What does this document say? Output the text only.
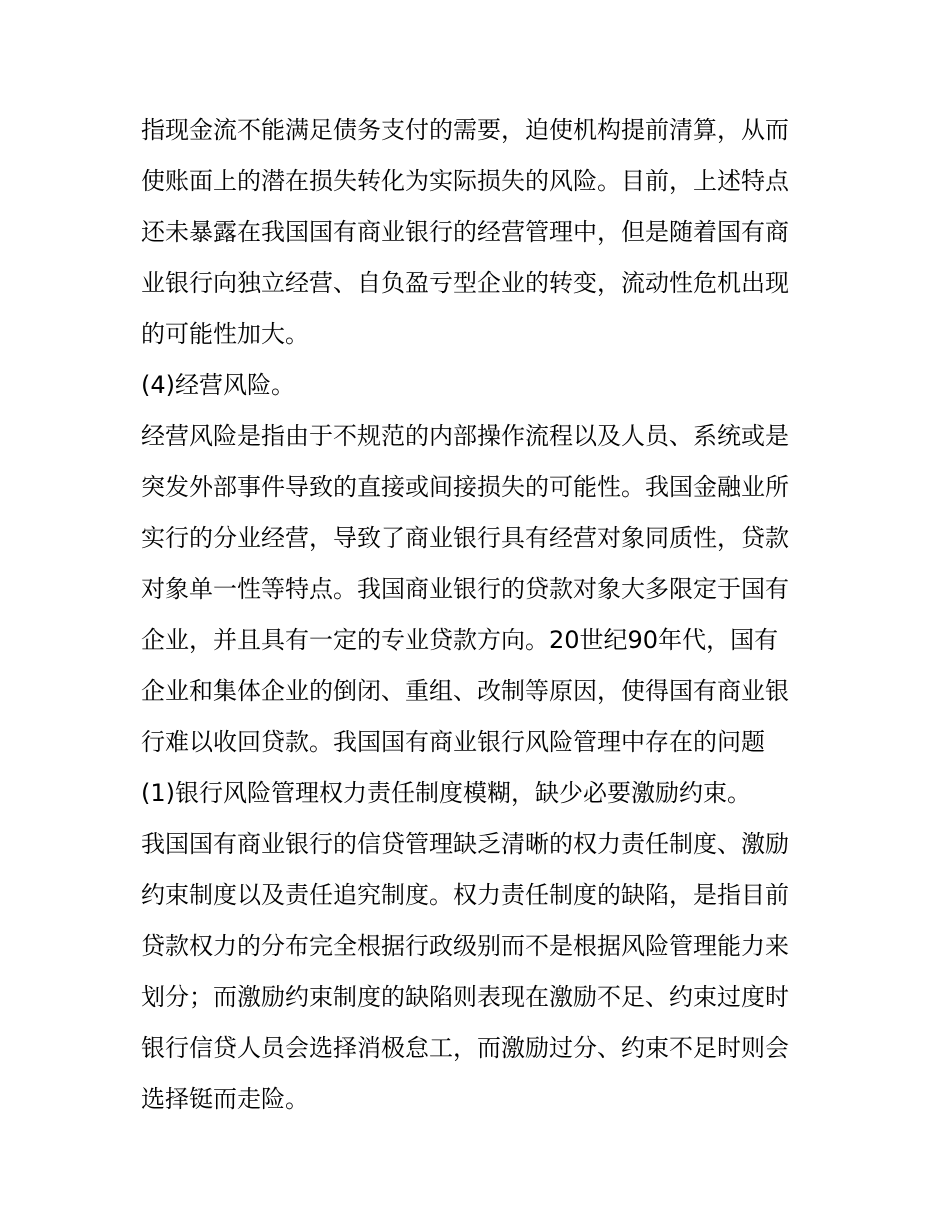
指现金流不能满足债务支付的需要，迫使机构提前清算，从而
使账面上的潜在损失转化为实际损失的风险。目前，上述特点
还未暴露在我国国有商业银行的经营管理中，但是随着国有商
业银行向独立经营、自负盈亏型企业的转变，流动性危机出现
的可能性加大。
(4)经营风险。
经营风险是指由于不规范的内部操作流程以及人员、系统或是
突发外部事件导致的直接或间接损失的可能性。我国金融业所
实行的分业经营，导致了商业银行具有经营对象同质性，贷款
对象单一性等特点。我国商业银行的贷款对象大多限定于国有
企业，并且具有一定的专业贷款方向。20世纪90年代，国有
企业和集体企业的倒闭、重组、改制等原因，使得国有商业银
行难以收回贷款。我国国有商业银行风险管理中存在的问题
(1)银行风险管理权力责任制度模糊，缺少必要激励约束。
我国国有商业银行的信贷管理缺乏清晰的权力责任制度、激励
约束制度以及责任追究制度。权力责任制度的缺陷，是指目前
贷款权力的分布完全根据行政级别而不是根据风险管理能力来
划分；而激励约束制度的缺陷则表现在激励不足、约束过度时
银行信贷人员会选择消极怠工，而激励过分、约束不足时则会
选择铤而走险。
